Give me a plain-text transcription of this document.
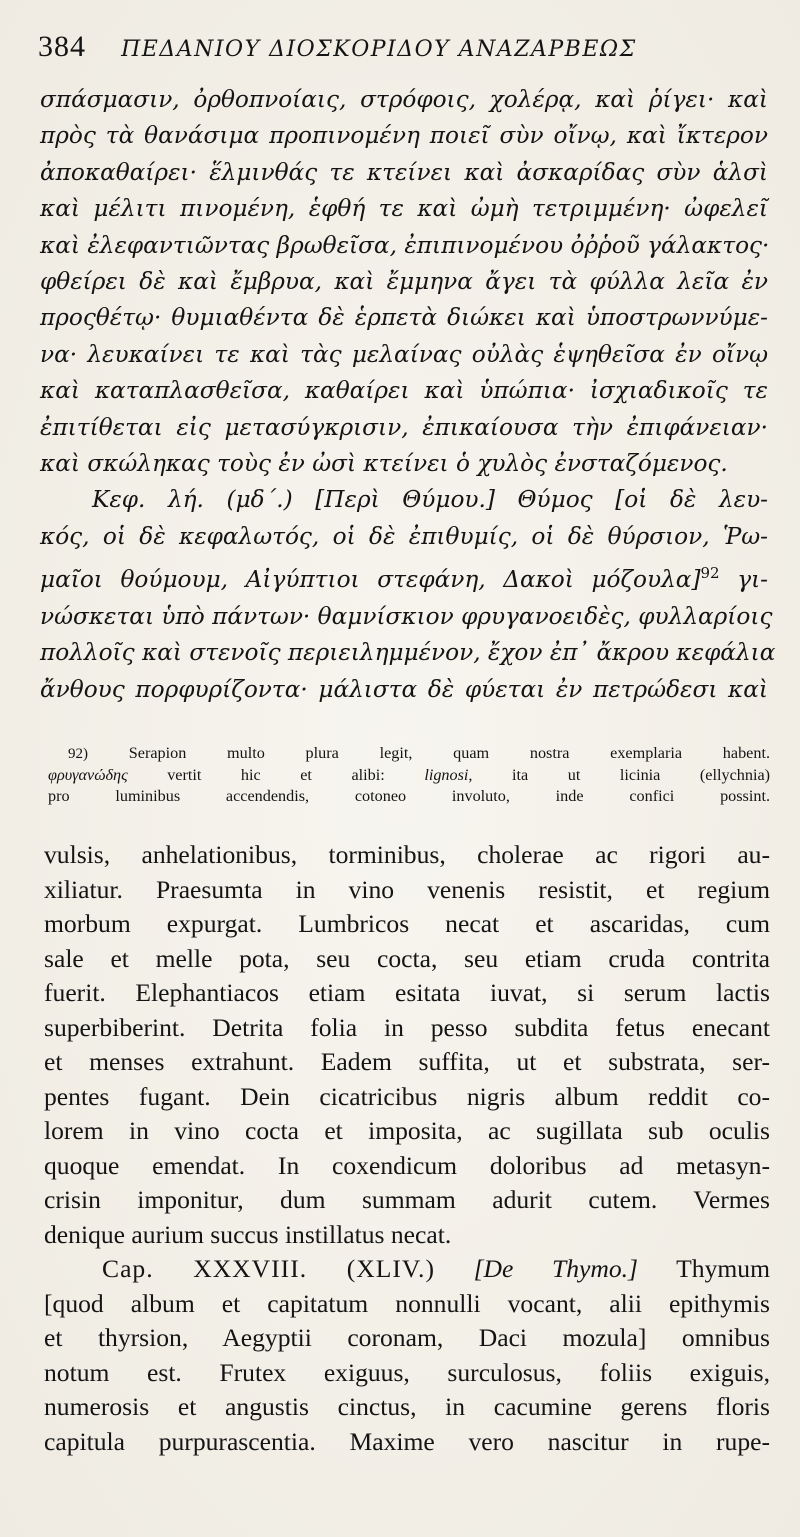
384 ΠΕΔΑΝΙΟΥ ΔΙΟΣΚΟΡΙΔΟΥ ΑΝΑΖΑΡΒΕΩΣ
σπάσμασιν, ὀρθοπνοίαις, στρόφοις, χολέρᾳ, καὶ ῥίγει· καὶ
πρὸς τὰ θανάσιμα προπινομένη ποιεῖ σὺν οἴνῳ, καὶ ἴκτερον
ἀποκαθαίρει· ἕλμινθάς τε κτείνει καὶ ἀσκαρίδας σὺν ἁλσὶ
καὶ μέλιτι πινομένη, ἑφθή τε καὶ ὠμὴ τετριμμένη· ὠφελεῖ
καὶ ἐλεφαντιῶντας βρωθεῖσα, ἐπιπινομένου ὀῤῥοῦ γάλακτος·
φθείρει δὲ καὶ ἔμβρυα, καὶ ἔμμηνα ἄγει τὰ φύλλα λεῖα ἐν
προςθέτῳ· θυμιαθέντα δὲ ἑρπετὰ διώκει καὶ ὑποστρωννύμε-
να· λευκαίνει τε καὶ τὰς μελαίνας οὐλὰς ἑψηθεῖσα ἐν οἴνῳ
καὶ καταπλασθεῖσα, καθαίρει καὶ ὑπώπια· ἰσχιαδικοῖς τε
ἐπιτίθεται εἰς μετασύγκρισιν, ἐπικαίουσα τὴν ἐπιφάνειαν·
καὶ σκώληκας τοὺς ἐν ὠσὶ κτείνει ὁ χυλὸς ἐνσταζόμενος.
Κεφ. λή. (μδ΄.) [Περὶ Θύμου.] Θύμος [οἱ δὲ λευ-
κός, οἱ δὲ κεφαλωτός, οἱ δὲ ἐπιθυμίς, οἱ δὲ θύρσιον, Ῥω-
μαῖοι θούμουμ, Αἰγύπτιοι στεφάνη, Δακοὶ μόζουλα]$^{92}$ γι-
νώσκεται ὑπὸ πάντων· θαμνίσκιον φρυγανοειδὲς, φυλλαρίοις
πολλοῖς καὶ στενοῖς περιειλημμένον, ἔχον ἐπ᾽ ἄκρου κεφάλια
ἄνθους πορφυρίζοντα· μάλιστα δὲ φύεται ἐν πετρώδεσι καὶ
92)	Serapion multo plura legit, quam nostra exemplaria habent.
φρυγανώδης vertit hic et alibi: lignosi, ita ut licinia (ellychnia)
pro luminibus accendendis, cotoneo involuto, inde confici possint.
vulsis, anhelationibus, torminibus, cholerae ac rigori au-
xiliatur. Praesumta in vino venenis resistit, et regium
morbum expurgat. Lumbricos necat et ascaridas, cum
sale et melle pota, seu cocta, seu etiam cruda contrita
fuerit. Elephantiacos etiam esitata iuvat, si serum lactis
superbiberint. Detrita folia in pesso subdita fetus enecant
et menses extrahunt. Eadem suffita, ut et substrata, ser-
pentes fugant. Dein cicatricibus nigris album reddit co-
lorem in vino cocta et imposita, ac sugillata sub oculis
quoque emendat. In coxendicum doloribus ad metasyn-
crisin imponitur, dum summam adurit cutem. Vermes
denique aurium succus instillatus necat.
Cap. XXXVIII. (XLIV.) [De Thymo.] Thymum
[quod album et capitatum nonnulli vocant, alii epithymis
et thyrsion, Aegyptii coronam, Daci mozula] omnibus
notum est. Frutex exiguus, surculosus, foliis exiguis,
numerosis et angustis cinctus, in cacumine gerens floris
capitula purpurascentia. Maxime vero nascitur in rupe-
